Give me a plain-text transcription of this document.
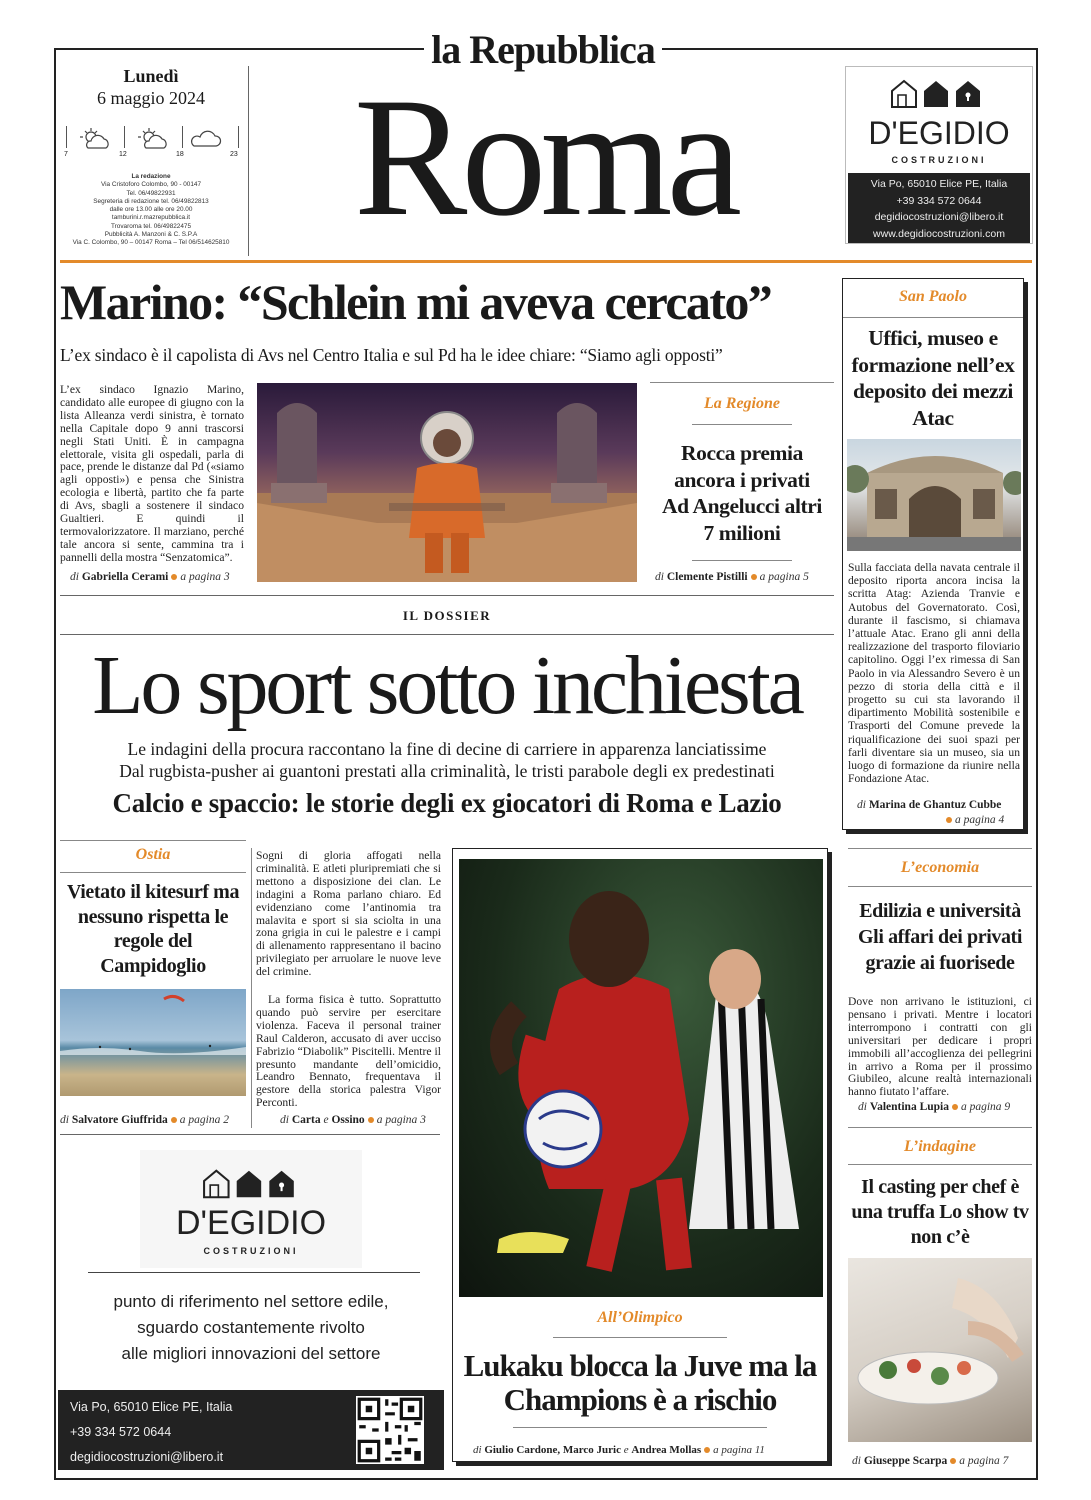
la Repubblica
Roma
Lunedì
6 maggio 2024
7	12	18	23
La redazione
Via Cristoforo Colombo, 90 - 00147
Tel. 06/49822931
Segreteria di redazione tel. 06/49822813
dalle ore 13.00 alle ore 20.00
tamburini.r.mazrepubblica.it
Trovaroma tel. 06/49822475
Pubblicità A. Manzoni & C. S.P.A
Via C. Colombo, 90 – 00147 Roma – Tel 06/514625810
D'EGIDIO
COSTRUZIONI
Via Po, 65010 Elice PE, Italia
+39 334 572 0644
degidiocostruzioni@libero.it
www.degidiocostruzioni.com
Marino: “Schlein mi aveva cercato”
L’ex sindaco è il capolista di Avs nel Centro Italia e sul Pd ha le idee chiare: “Siamo agli opposti”
L’ex sindaco Ignazio Marino, candidato alle europee di giugno con la lista Alleanza verdi sinistra, è tornato nella Capitale dopo 9 anni trascorsi negli Stati Uniti. È in campagna elettorale, visita gli ospedali, parla di pace, prende le distanze dal Pd («siamo agli opposti») e pensa che Sinistra ecologia e libertà, partito che fa parte di Avs, sbagli a sostenere il sindaco Gualtieri. E quindi il termovalorizzatore. Il marziano, perché tale ancora si sente, cammina tra i pannelli della mostra “Senzatomica”.
di Gabriella Cerami a pagina 3
La Regione
Rocca premia ancora i privati Ad Angelucci altri 7 milioni
di Clemente Pistilli a pagina 5
San Paolo
Uffici, museo e formazione nell’ex deposito dei mezzi Atac
Sulla facciata della navata centrale il deposito riporta ancora incisa la scritta Atag: Azienda Tranvie e Autobus del Governatorato. Così, durante il fascismo, si chiamava l’attuale Atac. Erano gli anni della realizzazione del trasporto filoviario capitolino. Oggi l’ex rimessa di San Paolo in via Alessandro Severo è un pezzo di storia della città e il progetto su cui sta lavorando il dipartimento Mobilità sostenibile e Trasporti del Comune prevede la riqualificazione dei suoi spazi per farli diventare sia un museo, sia un luogo di formazione da riunire nella Fondazione Atac.
di Marina de Ghantuz Cubbe
a pagina 4
IL DOSSIER
Lo sport sotto inchiesta
Le indagini della procura raccontano la fine di decine di carriere in apparenza lanciatissime
Dal rugbista-pusher ai guantoni prestati alla criminalità, le tristi parabole degli ex predestinati
Calcio e spaccio: le storie degli ex giocatori di Roma e Lazio
Sogni di gloria affogati nella criminalità. E atleti pluripremiati che si mettono a disposizione dei clan. Le indagini a Roma parlano chiaro. Ed evidenziano come l’antinomia tra malavita e sport si sia sciolta in una zona grigia in cui le palestre e i campi di allenamento rappresentano il bacino privilegiato per arruolare le nuove leve del crimine.
La forma fisica è tutto. Soprattutto quando può servire per esercitare violenza. Faceva il personal trainer Raul Calderon, accusato di aver ucciso Fabrizio “Diabolik” Piscitelli. Mentre il presunto mandante dell’omicidio, Leandro Bennato, frequentava il gestore della storica palestra Vigor Perconti.
di Carta e Ossino a pagina 3
Ostia
Vietato il kitesurf ma nessuno rispetta le regole del Campidoglio
di Salvatore Giuffrida a pagina 2
All’Olimpico
Lukaku blocca la Juve ma la Champions è a rischio
di Giulio Cardone, Marco Juric e Andrea Mollas a pagina 11
L’economia
Edilizia e università Gli affari dei privati grazie ai fuorisede
Dove non arrivano le istituzioni, ci pensano i privati. Mentre i locatori interrompono i contratti con gli universitari per dedicare i propri immobili all’accoglienza dei pellegrini in arrivo a Roma per il prossimo Giubileo, alcune realtà internazionali hanno fiutato l’affare.
di Valentina Lupia a pagina 9
L’indagine
Il casting per chef è una truffa Lo show tv non c’è
di Giuseppe Scarpa a pagina 7
D'EGIDIO
COSTRUZIONI
punto di riferimento nel settore edile,
sguardo costantemente rivolto
alle migliori innovazioni del settore
Via Po, 65010 Elice PE, Italia
+39 334 572 0644
degidiocostruzioni@libero.it
